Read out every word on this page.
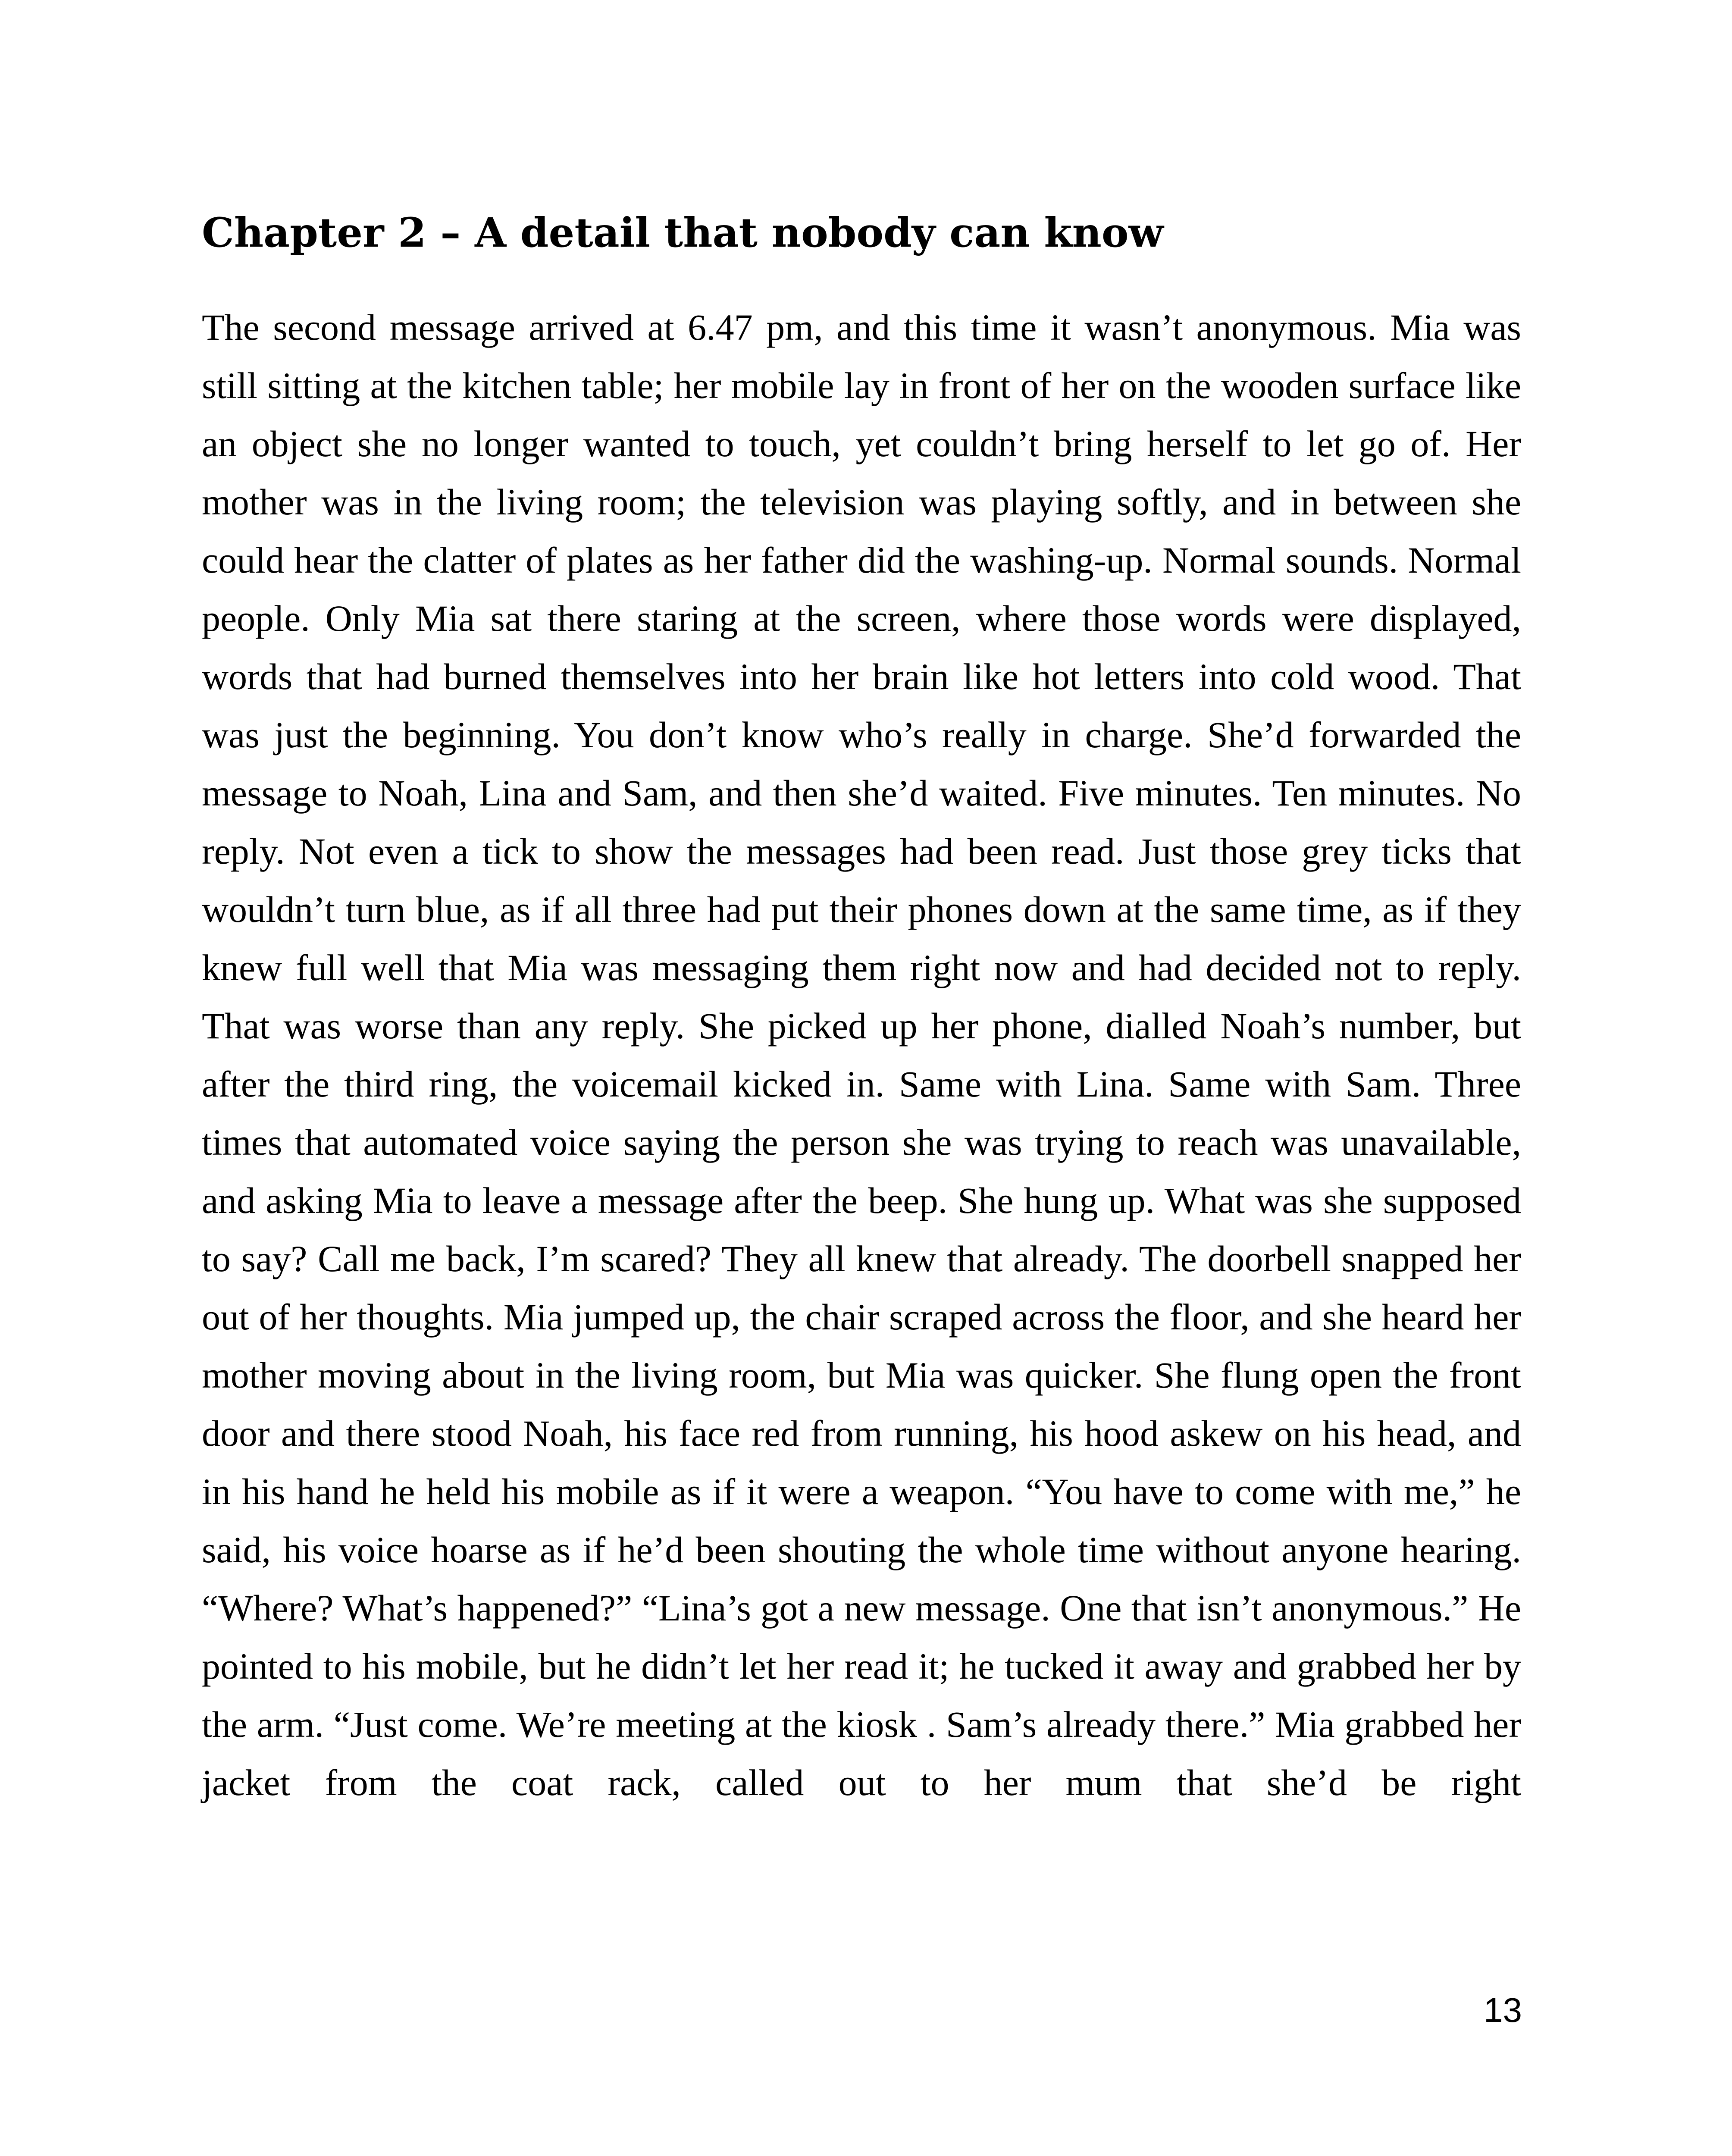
Chapter 2 – A detail that nobody can know

The second message arrived at 6.47 pm, and this time it wasn’t anonymous. Mia was still sitting at the kitchen table; her mobile lay in front of her on the wooden surface like an object she no longer wanted to touch, yet couldn’t bring herself to let go of. Her mother was in the living room; the television was playing softly, and in between she could hear the clatter of plates as her father did the washing-up. Normal sounds. Normal people. Only Mia sat there staring at the screen, where those words were displayed, words that had burned themselves into her brain like hot letters into cold wood. That was just the beginning. You don’t know who’s really in charge. She’d forwarded the message to Noah, Lina and Sam, and then she’d waited. Five minutes. Ten minutes. No reply. Not even a tick to show the messages had been read. Just those grey ticks that wouldn’t turn blue, as if all three had put their phones down at the same time, as if they knew full well that Mia was messaging them right now and had decided not to reply. That was worse than any reply. She picked up her phone, dialled Noah’s number, but after the third ring, the voicemail kicked in. Same with Lina. Same with Sam. Three times that automated voice saying the person she was trying to reach was unavailable, and asking Mia to leave a message after the beep. She hung up. What was she supposed to say? Call me back, I’m scared? They all knew that already. The doorbell snapped her out of her thoughts. Mia jumped up, the chair scraped across the floor, and she heard her mother moving about in the living room, but Mia was quicker. She flung open the front door and there stood Noah, his face red from running, his hood askew on his head, and in his hand he held his mobile as if it were a weapon. “You have to come with me,” he said, his voice hoarse as if he’d been shouting the whole time without anyone hearing. “Where? What’s happened?” “Lina’s got a new message. One that isn’t anonymous.” He pointed to his mobile, but he didn’t let her read it; he tucked it away and grabbed her by the arm. “Just come. We’re meeting at the kiosk . Sam’s already there.” Mia grabbed her jacket from the coat rack, called out to her mum that she’d be right

13
